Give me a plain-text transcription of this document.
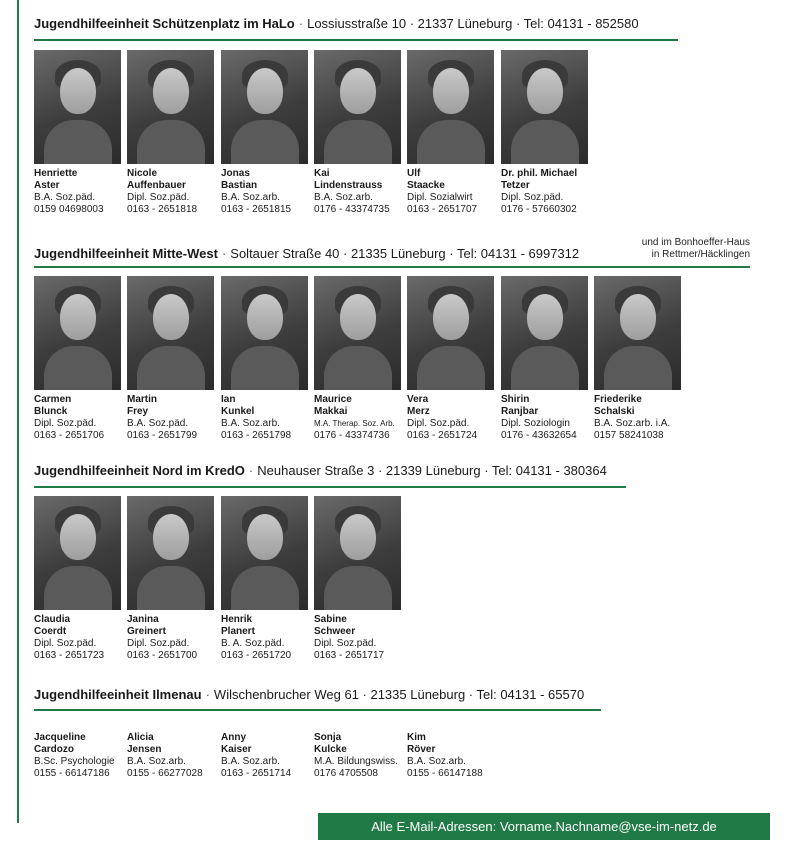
Jugendhilfeeinheit Schützenplatz im HaLo · Lossiusstraße 10 · 21337 Lüneburg · Tel: 04131 - 852580
Jugendhilfeeinheit Mitte-West · Soltauer Straße 40 · 21335 Lüneburg · Tel: 04131 - 6997312
und im Bonhoeffer-Haus
in Rettmer/Häcklingen
Jugendhilfeeinheit Nord im KredO · Neuhauser Straße 3 · 21339 Lüneburg · Tel: 04131 - 380364
Jugendhilfeeinheit Ilmenau · Wilschenbrucher Weg 61 · 21335 Lüneburg · Tel: 04131 - 65570
Henriette
Aster
B.A. Soz.päd.
0159 04698003
Nicole
Auffenbauer
Dipl. Soz.päd.
0163 - 2651818
Jonas
Bastian
B.A. Soz.arb.
0163 - 2651815
Kai
Lindenstrauss
B.A. Soz.arb.
0176 - 43374735
Ulf
Staacke
Dipl. Sozialwirt
0163 - 2651707
Dr. phil. Michael
Tetzer
Dipl. Soz.päd.
0176 - 57660302
Carmen
Blunck
Dipl. Soz.päd.
0163 - 2651706
Martin
Frey
B.A. Soz.päd.
0163 - 2651799
Ian
Kunkel
B.A. Soz.arb.
0163 - 2651798
Maurice
Makkai
M.A. Therap. Soz. Arb.
0176 - 43374736
Vera
Merz
Dipl. Soz.päd.
0163 - 2651724
Shirin
Ranjbar
Dipl. Soziologin
0176 - 43632654
Friederike
Schalski
B.A. Soz.arb. i.A.
0157 58241038
Claudia
Coerdt
Dipl. Soz.päd.
0163 - 2651723
Janina
Greinert
Dipl. Soz.päd.
0163 - 2651700
Henrik
Planert
B. A. Soz.päd.
0163 - 2651720
Sabine
Schweer
Dipl. Soz.päd.
0163 - 2651717
Jacqueline
Cardozo
B.Sc. Psychologie
0155 - 66147186
Alicia
Jensen
B.A. Soz.arb.
0155 - 66277028
Anny
Kaiser
B.A. Soz.arb.
0163 - 2651714
Sonja
Kulcke
M.A. Bildungswiss.
0176 4705508
Kim
Röver
B.A. Soz.arb.
0155 - 66147188
Alle E-Mail-Adressen: Vorname.Nachname@vse-im-netz.de
